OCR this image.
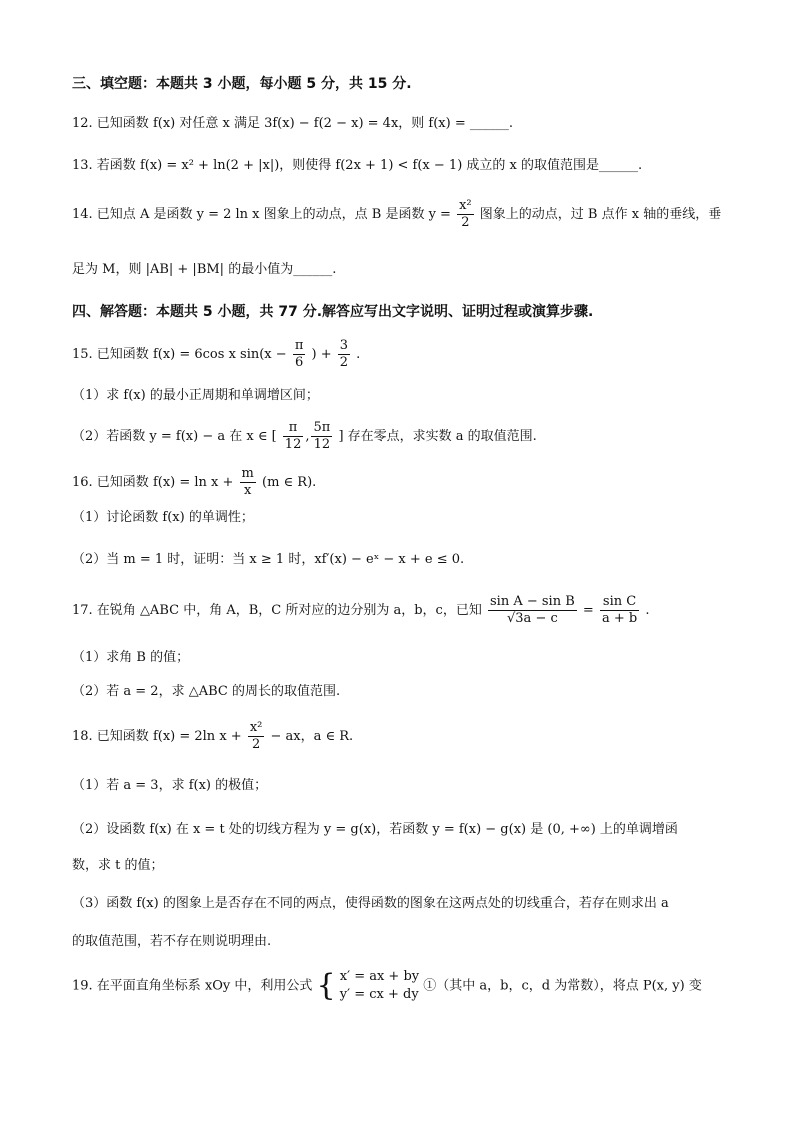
三、填空题：本题共 3 小题，每小题 5 分，共 15 分.
12. 已知函数 f(x) 对任意 x 满足 3f(x) − f(2 − x) = 4x，则 f(x) = ______.
13. 若函数 f(x) = x² + ln(2 + |x|)，则使得 f(2x + 1) < f(x − 1) 成立的 x 的取值范围是______.
14. 已知点 A 是函数 y = 2 ln x 图象上的动点，点 B 是函数 $y = \frac{\text{x²}}{2}$ 图象上的动点，过 B 点作 x 轴的垂线，垂
足为 M，则 |AB| + |BM| 的最小值为______.
四、解答题：本题共 5 小题，共 77 分.解答应写出文字说明、证明过程或演算步骤.
15. 已知函数 f(x) = 6cos x $\sin(x - \frac{\pi}{6}$ ) + $\frac{3}{2}$ .
（1）求 f(x) 的最小正周期和单调增区间；
（2）若函数 y = f(x) − a 在 x ∈ [ $\frac{\pi}{12}$ , $\frac{5\pi}{12}$ ] 存在零点，求实数 a 的取值范围.
16. 已知函数 $f(x) = \ln x + \frac{m}{x} (m$ ∈ R).
（1）讨论函数 f(x) 的单调性；
（2）当 m = 1 时，证明：当 x ≥ 1 时，xf′(x) − eˣ − x + e ≤ 0.
17. 在锐角 △ABC 中，角 A，B，C 所对应的边分别为 a，b，c，已知 $\frac{\text{sin A − sin B}}{√3a - c} = \frac{\text{sin C}}{a + b}$ .
（1）求角 B 的值；
（2）若 a = 2，求 △ABC 的周长的取值范围.
18. 已知函数 f(x) = 2ln $x + \frac{\text{x²}}{2}$ − ax，a ∈ R.
（1）若 a = 3，求 f(x) 的极值；
（2）设函数 f(x) 在 x = t 处的切线方程为 y = g(x)，若函数 y = f(x) − g(x) 是 (0, +∞) 上的单调增函
数，求 t 的值；
（3）函数 f(x) 的图象上是否存在不同的两点，使得函数的图象在这两点处的切线重合，若存在则求出 a
的取值范围，若不存在则说明理由.
19. 在平面直角坐标系 xOy 中，利用公式 { x′ = ax + by
y′ = cx + dy
①（其中 a，b，c，d 为常数），将点 P(x, y) 变
